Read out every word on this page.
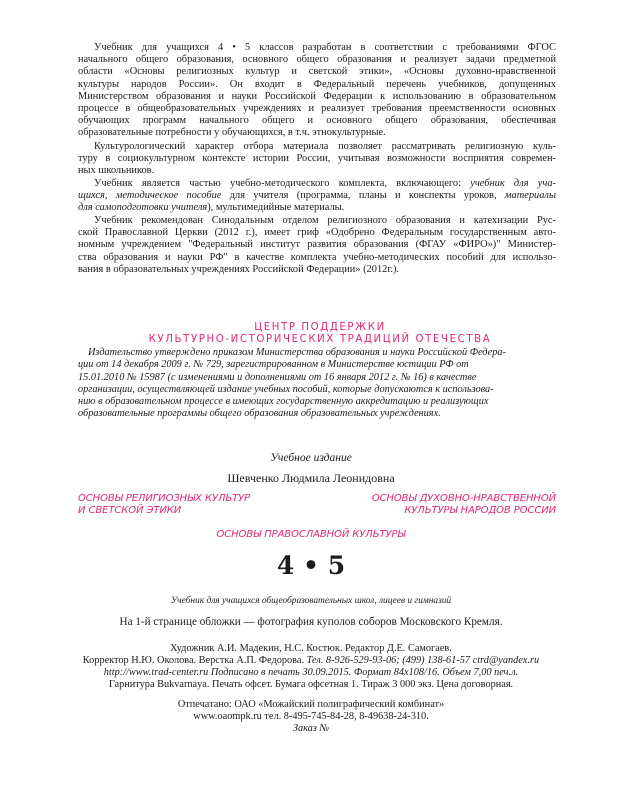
Учебник для учащихся 4 • 5 классов разработан в соответствии с требованиями ФГОС
начального общего образования, основного общего образования и реализует задачи предметной
области «Основы религиозных культур и светской этики», «Основы духовно-нравственной
культуры народов России». Он входит в Федеральный перечень учебников, допущенных
Министерством образования и науки Российской Федерации к использованию в образовательном
процессе в общеобразовательных учреждениях и реализует требования преемственности основных
обучающих программ начального общего и основного общего образования, обеспечивая
образовательные потребности у обучающихся, в т.ч. этнокультурные.
Культурологический характер отбора материала позволяет рассматривать религиозную куль-
туру в социокультурном контексте истории России, учитывая возможности восприятия современ-
ных школьников.
Учебник является частью учебно-методического комплекта, включающего: учебник для уча-
щихся, методическое пособие для учителя (программа, планы и конспекты уроков, материалы
для самоподготовки учителя), мультимедийные материалы.
Учебник рекомендован Синодальным отделом религиозного образования и катехизации Рус-
ской Православной Церкви (2012 г.), имеет гриф «Одобрено Федеральным государственным авто-
номным учреждением "Федеральный институт развития образования (ФГАУ «ФИРО»)" Министер-
ства образования и науки РФ" в качестве комплекта учебно-методических пособий для использо-
вания в образовательных учреждениях Российской Федерации» (2012г.).
ЦЕНТР ПОДДЕРЖКИ
КУЛЬТУРНО-ИСТОРИЧЕСКИХ ТРАДИЦИЙ ОТЕЧЕСТВА
Издательство утверждено приказом Министерства образования и науки Российской Федера-
ции от 14 декабря 2009 г. № 729, зарегистрированном в Министерстве юстиции РФ от
15.01.2010 № 15987 (с изменениями и дополнениями от 16 января 2012 г. № 16) в качестве
организации, осуществляющей издание учебных пособий, которые допускаются к использова-
нию в образовательном процессе в имеющих государственную аккредитацию и реализующих
образовательные программы общего образования образовательных учреждениях.
Учебное издание
Шевченко Людмила Леонидовна
ОСНОВЫ РЕЛИГИОЗНЫХ КУЛЬТУР
И СВЕТСКОЙ ЭТИКИ
ОСНОВЫ ДУХОВНО-НРАВСТВЕННОЙ
КУЛЬТУРЫ НАРОДОВ РОССИИ
ОСНОВЫ ПРАВОСЛАВНОЙ КУЛЬТУРЫ
4 • 5
Учебник для учащихся общеобразовательных школ, лицеев и гимназий
На 1-й странице обложки — фотография куполов соборов Московского Кремля.
Художник А.И. Мадекин, Н.С. Костюк. Редактор Д.Е. Самогаев.
Корректор Н.Ю. Околова. Верстка А.П. Федорова. Тел. 8-926-529-93-06; (499) 138-61-57 ctrd@yandex.ru
http://www.trad-center.ru Подписано в печать 30.09.2015. Формат 84х108/16. Объем 7,00 печ.л.
Гарнитура Bukvarnaya. Печать офсет. Бумага офсетная 1. Тираж 3 000 экз. Цена договорная.
Отпечатано: ОАО «Можайский полиграфический комбинат»
www.oaompk.ru тел. 8-495-745-84-28, 8-49638-24-310.
Заказ №
